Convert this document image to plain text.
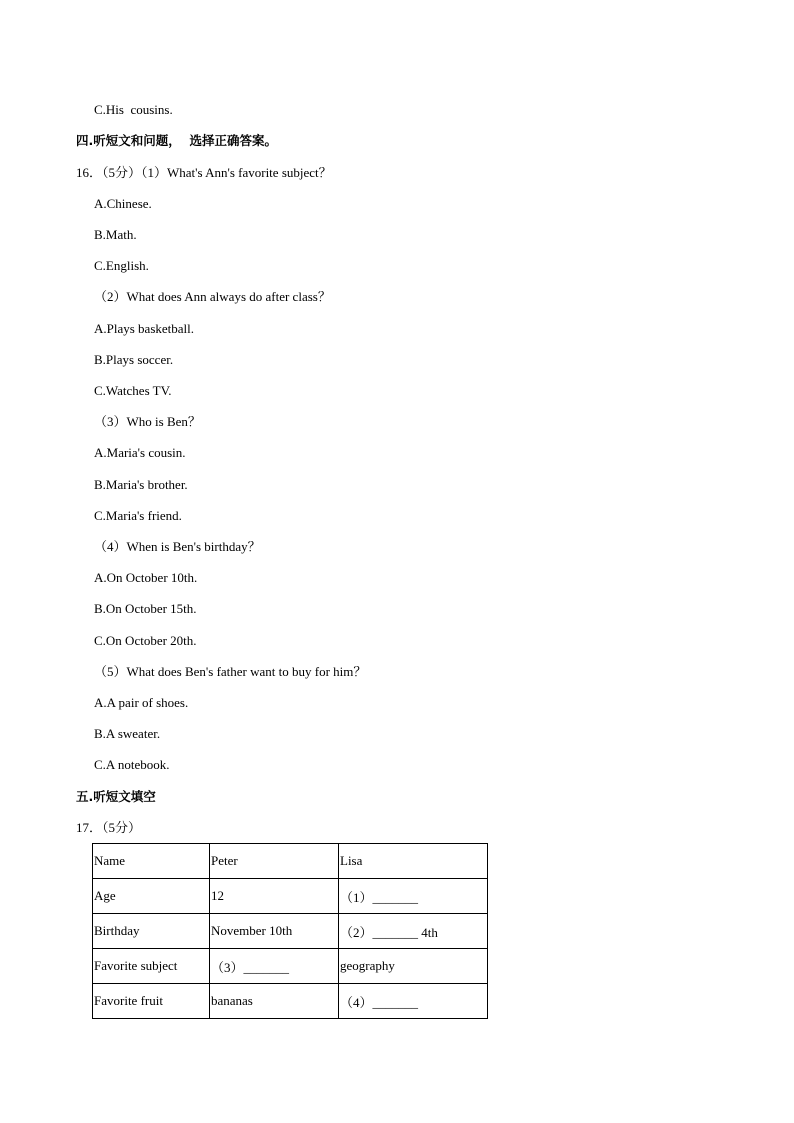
C.His  cousins.
四.听短文和问题，  选择正确答案。
16．（5分）（1）What's Ann's favorite subject？
A.Chinese.
B.Math.
C.English.
（2）What does Ann always do after class？
A.Plays basketball.
B.Plays soccer.
C.Watches TV.
（3）Who is Ben？
A.Maria's cousin.
B.Maria's brother.
C.Maria's friend.
（4）When is Ben's birthday？
A.On October 10th.
B.On October 15th.
C.On October 20th.
（5）What does Ben's father want to buy for him？
A.A pair of shoes.
B.A sweater.
C.A notebook.
五.听短文填空
17．（5分）
Name	Peter	Lisa
Age	12	（1）_______
Birthday	November 10th	（2）_______ 4th
Favorite subject	（3）_______	geography
Favorite fruit	bananas	（4）_______
